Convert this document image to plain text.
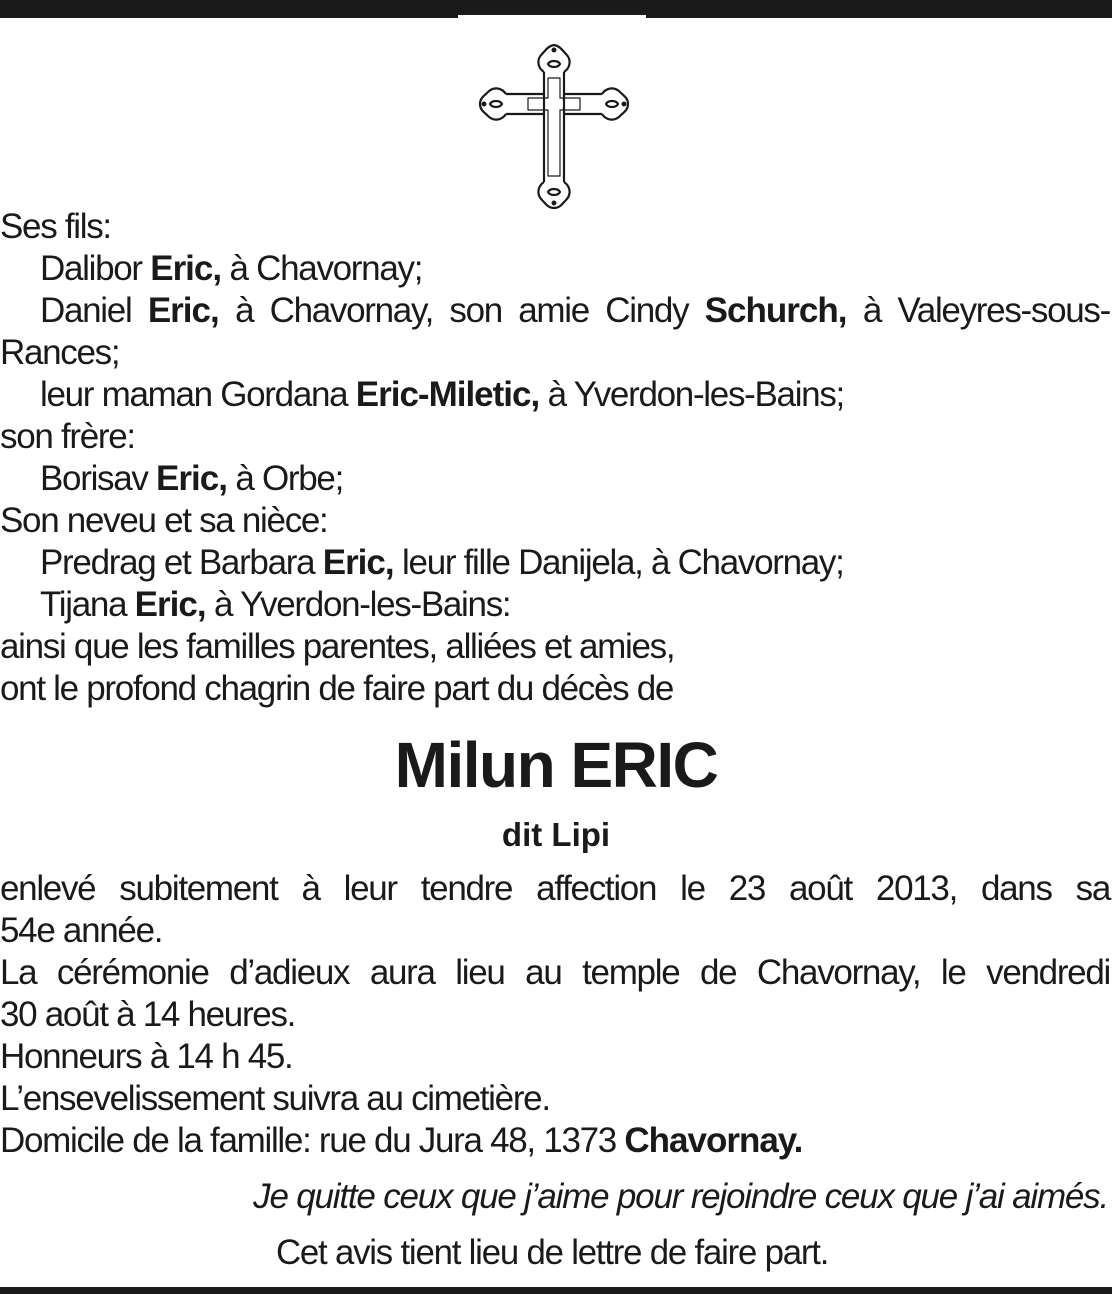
Ses fils:
Dalibor Eric, à Chavornay;
Daniel Eric, à Chavornay, son amie Cindy Schurch, à Valeyres-sous-
Rances;
leur maman Gordana Eric-Miletic, à Yverdon-les-Bains;
son frère:
Borisav Eric, à Orbe;
Son neveu et sa nièce:
Predrag et Barbara Eric, leur fille Danijela, à Chavornay;
Tijana Eric, à Yverdon-les-Bains:
ainsi que les familles parentes, alliées et amies,
ont le profond chagrin de faire part du décès de
Milun ERIC
dit Lipi
enlevé subitement à leur tendre affection le 23 août 2013, dans sa
54e année.
La cérémonie d’adieux aura lieu au temple de Chavornay, le vendredi
30 août à 14 heures.
Honneurs à 14 h 45.
L’ensevelissement suivra au cimetière.
Domicile de la famille: rue du Jura 48, 1373 Chavornay.
Je quitte ceux que j’aime pour rejoindre ceux que j’ai aimés.
Cet avis tient lieu de lettre de faire part.
